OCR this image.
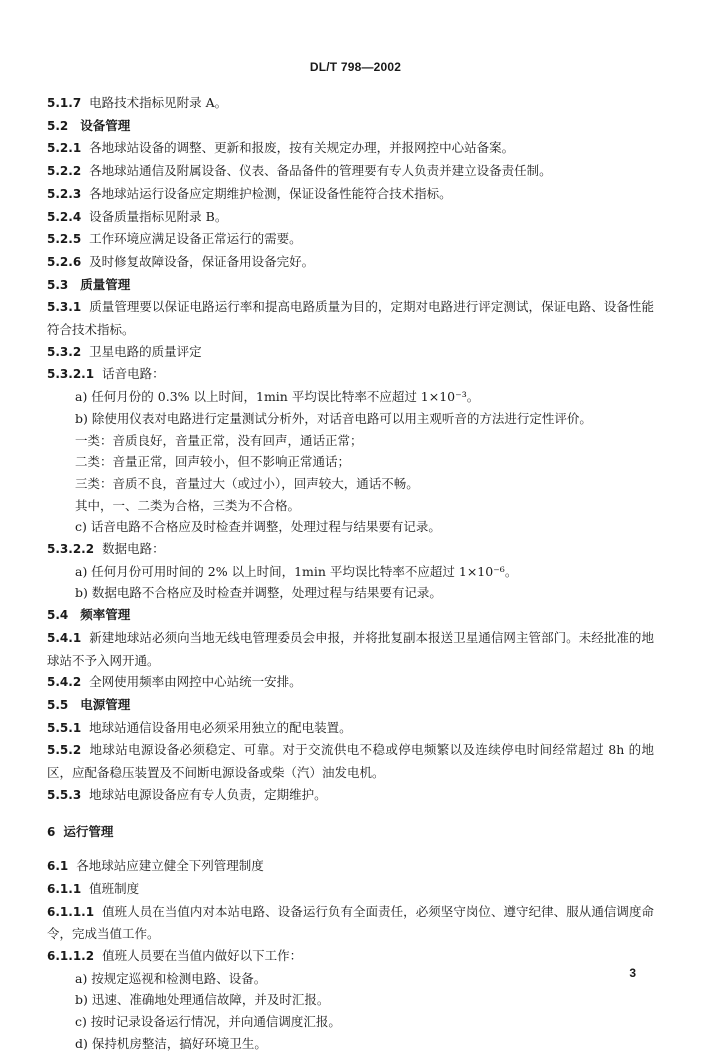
DL/T 798—2002
5.1.7 电路技术指标见附录 A。
5.2 设备管理
5.2.1 各地球站设备的调整、更新和报废，按有关规定办理，并报网控中心站备案。
5.2.2 各地球站通信及附属设备、仪表、备品备件的管理要有专人负责并建立设备责任制。
5.2.3 各地球站运行设备应定期维护检测，保证设备性能符合技术指标。
5.2.4 设备质量指标见附录 B。
5.2.5 工作环境应满足设备正常运行的需要。
5.2.6 及时修复故障设备，保证备用设备完好。
5.3 质量管理
5.3.1 质量管理要以保证电路运行率和提高电路质量为目的，定期对电路进行评定测试，保证电路、设备性能符合技术指标。
5.3.2 卫星电路的质量评定
5.3.2.1 话音电路：
a) 任何月份的 0.3% 以上时间，1min 平均误比特率不应超过 1×10⁻³。
b) 除使用仪表对电路进行定量测试分析外，对话音电路可以用主观听音的方法进行定性评价。
一类：音质良好，音量正常，没有回声，通话正常；
二类：音量正常，回声较小，但不影响正常通话；
三类：音质不良，音量过大（或过小），回声较大，通话不畅。
其中，一、二类为合格，三类为不合格。
c) 话音电路不合格应及时检查并调整，处理过程与结果要有记录。
5.3.2.2 数据电路：
a) 任何月份可用时间的 2% 以上时间，1min 平均误比特率不应超过 1×10⁻⁶。
b) 数据电路不合格应及时检查并调整，处理过程与结果要有记录。
5.4 频率管理
5.4.1 新建地球站必须向当地无线电管理委员会申报，并将批复副本报送卫星通信网主管部门。未经批准的地球站不予入网开通。
5.4.2 全网使用频率由网控中心站统一安排。
5.5 电源管理
5.5.1 地球站通信设备用电必须采用独立的配电装置。
5.5.2 地球站电源设备必须稳定、可靠。对于交流供电不稳或停电频繁以及连续停电时间经常超过 8h 的地区，应配备稳压装置及不间断电源设备或柴（汽）油发电机。
5.5.3 地球站电源设备应有专人负责，定期维护。
6 运行管理
6.1 各地球站应建立健全下列管理制度
6.1.1 值班制度
6.1.1.1 值班人员在当值内对本站电路、设备运行负有全面责任，必须坚守岗位、遵守纪律、服从通信调度命令，完成当值工作。
6.1.1.2 值班人员要在当值内做好以下工作：
a) 按规定巡视和检测电路、设备。
b) 迅速、准确地处理通信故障，并及时汇报。
c) 按时记录设备运行情况，并向通信调度汇报。
d) 保持机房整洁，搞好环境卫生。
3
